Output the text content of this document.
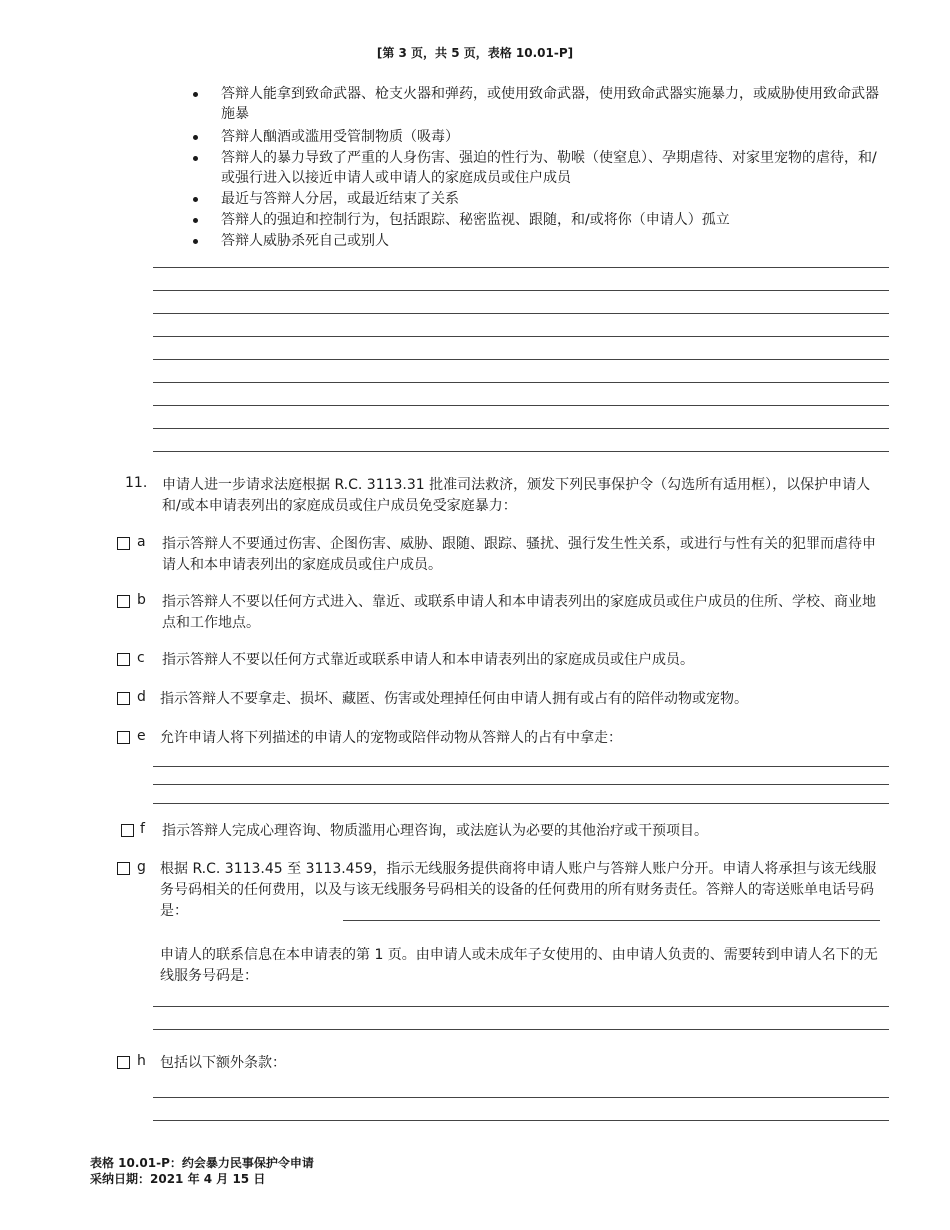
[第 3 页，共 5 页，表格 10.01-P]
答辩人能拿到致命武器、枪支火器和弹药，或使用致命武器，使用致命武器实施暴力，或威胁使用致命武器施暴
答辩人酗酒或滥用受管制物质（吸毒）
答辩人的暴力导致了严重的人身伤害、强迫的性行为、勒喉（使窒息）、孕期虐待、对家里宠物的虐待，和/或强行进入以接近申请人或申请人的家庭成员或住户成员
最近与答辩人分居，或最近结束了关系
答辩人的强迫和控制行为，包括跟踪、秘密监视、跟随，和/或将你（申请人）孤立
答辩人威胁杀死自己或别人
11. 申请人进一步请求法庭根据 R.C. 3113.31 批准司法救济，颁发下列民事保护令（勾选所有适用框），以保护申请人和/或本申请表列出的家庭成员或住户成员免受家庭暴力：
a 指示答辩人不要通过伤害、企图伤害、威胁、跟随、跟踪、骚扰、强行发生性关系，或进行与性有关的犯罪而虐待申请人和本申请表列出的家庭成员或住户成员。
b 指示答辩人不要以任何方式进入、靠近、或联系申请人和本申请表列出的家庭成员或住户成员的住所、学校、商业地点和工作地点。
c 指示答辩人不要以任何方式靠近或联系申请人和本申请表列出的家庭成员或住户成员。
d 指示答辩人不要拿走、损坏、藏匿、伤害或处理掉任何由申请人拥有或占有的陪伴动物或宠物。
e 允许申请人将下列描述的申请人的宠物或陪伴动物从答辩人的占有中拿走：
f 指示答辩人完成心理咨询、物质滥用心理咨询，或法庭认为必要的其他治疗或干预项目。
g 根据 R.C. 3113.45 至 3113.459，指示无线服务提供商将申请人账户与答辩人账户分开。申请人将承担与该无线服务号码相关的任何费用，以及与该无线服务号码相关的设备的任何费用的所有财务责任。答辩人的寄送账单电话号码是：
申请人的联系信息在本申请表的第 1 页。由申请人或未成年子女使用的、由申请人负责的、需要转到申请人名下的无线服务号码是：
h 包括以下额外条款：
表格 10.01-P：约会暴力民事保护令申请
采纳日期：2021 年 4 月 15 日
